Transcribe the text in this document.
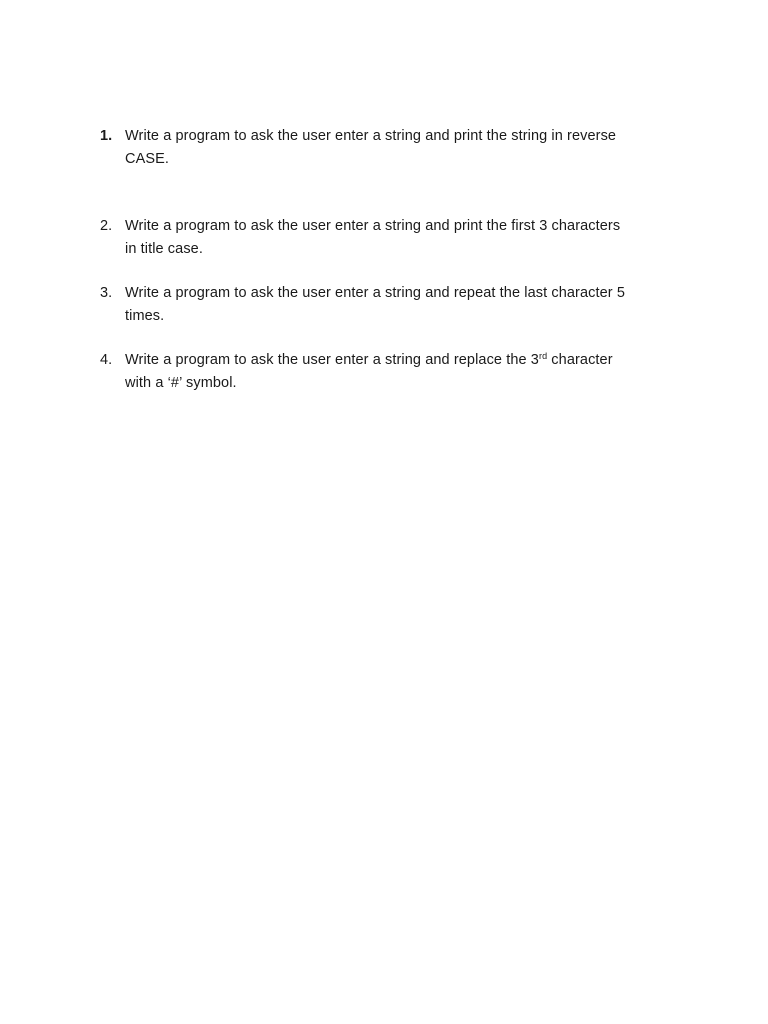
1. Write a program to ask the user enter a string and print the string in reverse
CASE.
2. Write a program to ask the user enter a string and print the first 3 characters
in title case.
3. Write a program to ask the user enter a string and repeat the last character 5
times.
4. Write a program to ask the user enter a string and replace the 3rd character
with a ‘#’ symbol.
